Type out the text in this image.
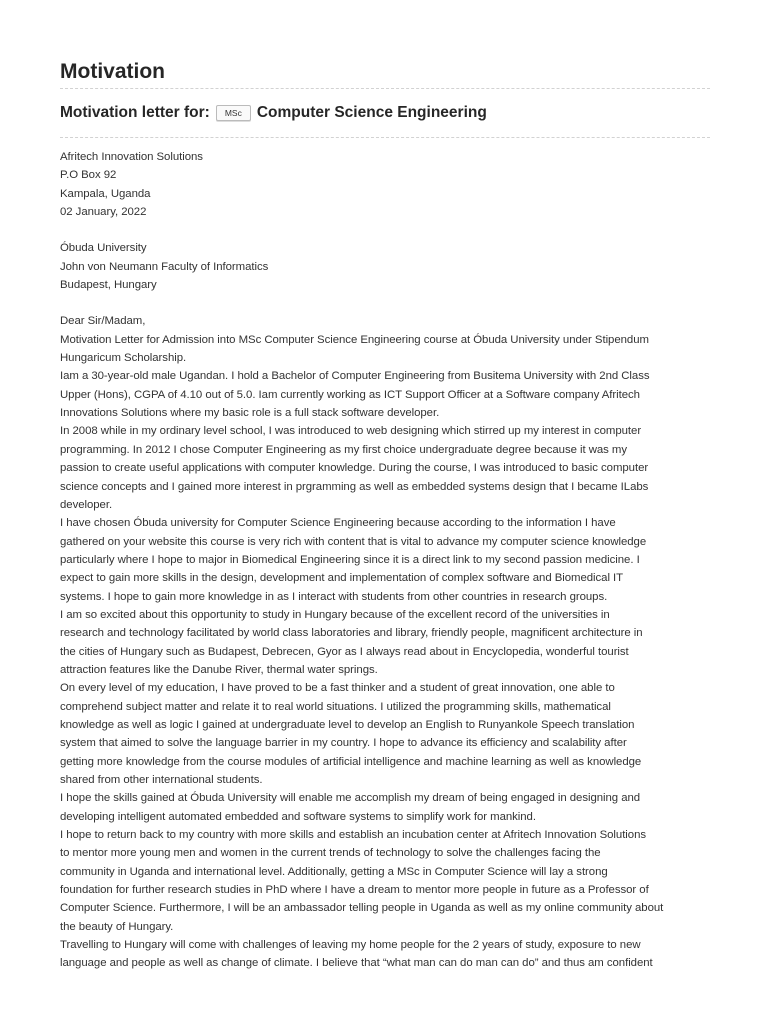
Motivation
Motivation letter for:	MSc Computer Science Engineering
Afritech Innovation Solutions
P.O Box 92
Kampala, Uganda
02 January, 2022
Óbuda University
John von Neumann Faculty of Informatics
Budapest, Hungary
Dear Sir/Madam,
Motivation Letter for Admission into MSc Computer Science Engineering course at Óbuda University under Stipendum
Hungaricum Scholarship.
Iam a 30-year-old male Ugandan. I hold a Bachelor of Computer Engineering from Busitema University with 2nd Class
Upper (Hons), CGPA of 4.10 out of 5.0. Iam currently working as ICT Support Officer at a Software company Afritech
Innovations Solutions where my basic role is a full stack software developer.
In 2008 while in my ordinary level school, I was introduced to web designing which stirred up my interest in computer
programming. In 2012 I chose Computer Engineering as my first choice undergraduate degree because it was my
passion to create useful applications with computer knowledge. During the course, I was introduced to basic computer
science concepts and I gained more interest in prgramming as well as embedded systems design that I became ILabs
developer.
I have chosen Óbuda university for Computer Science Engineering because according to the information I have
gathered on your website this course is very rich with content that is vital to advance my computer science knowledge
particularly where I hope to major in Biomedical Engineering since it is a direct link to my second passion medicine. I
expect to gain more skills in the design, development and implementation of complex software and Biomedical IT
systems. I hope to gain more knowledge in as I interact with students from other countries in research groups.
I am so excited about this opportunity to study in Hungary because of the excellent record of the universities in
research and technology facilitated by world class laboratories and library, friendly people, magnificent architecture in
the cities of Hungary such as Budapest, Debrecen, Gyor as I always read about in Encyclopedia, wonderful tourist
attraction features like the Danube River, thermal water springs.
On every level of my education, I have proved to be a fast thinker and a student of great innovation, one able to
comprehend subject matter and relate it to real world situations. I utilized the programming skills, mathematical
knowledge as well as logic I gained at undergraduate level to develop an English to Runyankole Speech translation
system that aimed to solve the language barrier in my country. I hope to advance its efficiency and scalability after
getting more knowledge from the course modules of artificial intelligence and machine learning as well as knowledge
shared from other international students.
I hope the skills gained at Óbuda University will enable me accomplish my dream of being engaged in designing and
developing intelligent automated embedded and software systems to simplify work for mankind.
I hope to return back to my country with more skills and establish an incubation center at Afritech Innovation Solutions
to mentor more young men and women in the current trends of technology to solve the challenges facing the
community in Uganda and international level. Additionally, getting a MSc in Computer Science will lay a strong
foundation for further research studies in PhD where I have a dream to mentor more people in future as a Professor of
Computer Science. Furthermore, I will be an ambassador telling people in Uganda as well as my online community about
the beauty of Hungary.
Travelling to Hungary will come with challenges of leaving my home people for the 2 years of study, exposure to new
language and people as well as change of climate. I believe that “what man can do man can do” and thus am confident
